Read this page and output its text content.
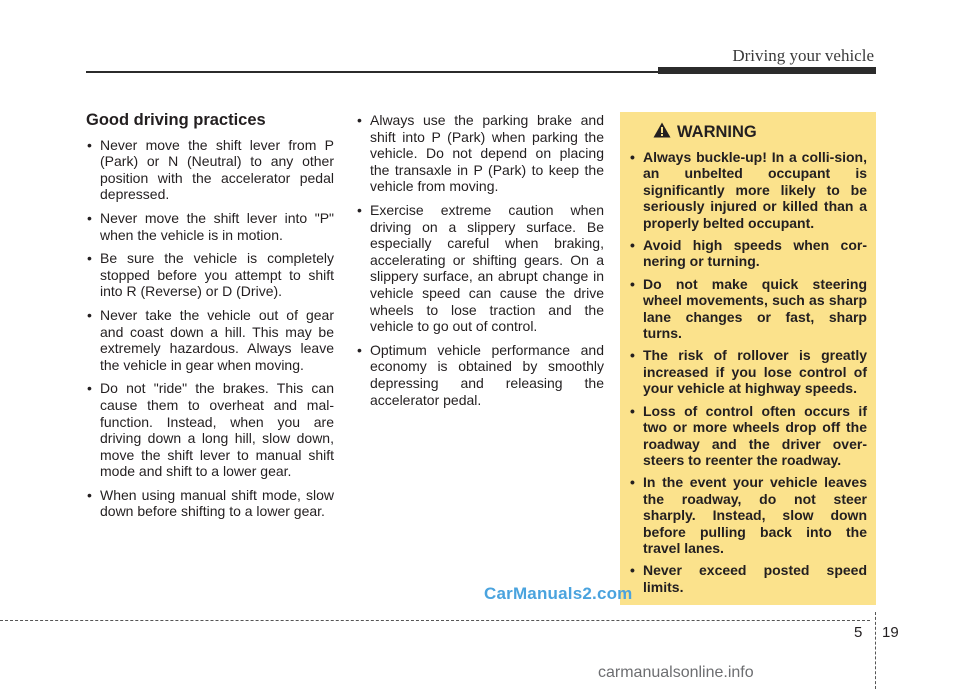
Driving your vehicle
Good driving practices
• Never move the shift lever from P (Park) or N (Neutral) to any other position with the accelerator pedal depressed.
• Never move the shift lever into "P" when the vehicle is in motion.
• Be sure the vehicle is completely stopped before you attempt to shift into R (Reverse) or D (Drive).
• Never take the vehicle out of gear and coast down a hill. This may be extremely hazardous. Always leave the vehicle in gear when moving.
• Do not "ride" the brakes. This can cause them to overheat and mal-function. Instead, when you are driving down a long hill, slow down, move the shift lever to manual shift mode and shift to a lower gear.
• When using manual shift mode, slow down before shifting to a lower gear.
• Always use the parking brake and shift into P (Park) when parking the vehicle. Do not depend on placing the transaxle in P (Park) to keep the vehicle from moving.
• Exercise extreme caution when driving on a slippery surface. Be especially careful when braking, accelerating or shifting gears. On a slippery surface, an abrupt change in vehicle speed can cause the drive wheels to lose traction and the vehicle to go out of control.
• Optimum vehicle performance and economy is obtained by smoothly depressing and releasing the accelerator pedal.
WARNING
• Always buckle-up! In a colli-sion, an unbelted occupant is significantly more likely to be seriously injured or killed than a properly belted occupant.
• Avoid high speeds when cor-nering or turning.
• Do not make quick steering wheel movements, such as sharp lane changes or fast, sharp turns.
• The risk of rollover is greatly increased if you lose control of your vehicle at highway speeds.
• Loss of control often occurs if two or more wheels drop off the roadway and the driver over-steers to reenter the roadway.
• In the event your vehicle leaves the roadway, do not steer sharply. Instead, slow down before pulling back into the travel lanes.
• Never exceed posted speed limits.
CarManuals2.com
5 19
carmanualsonline.info
